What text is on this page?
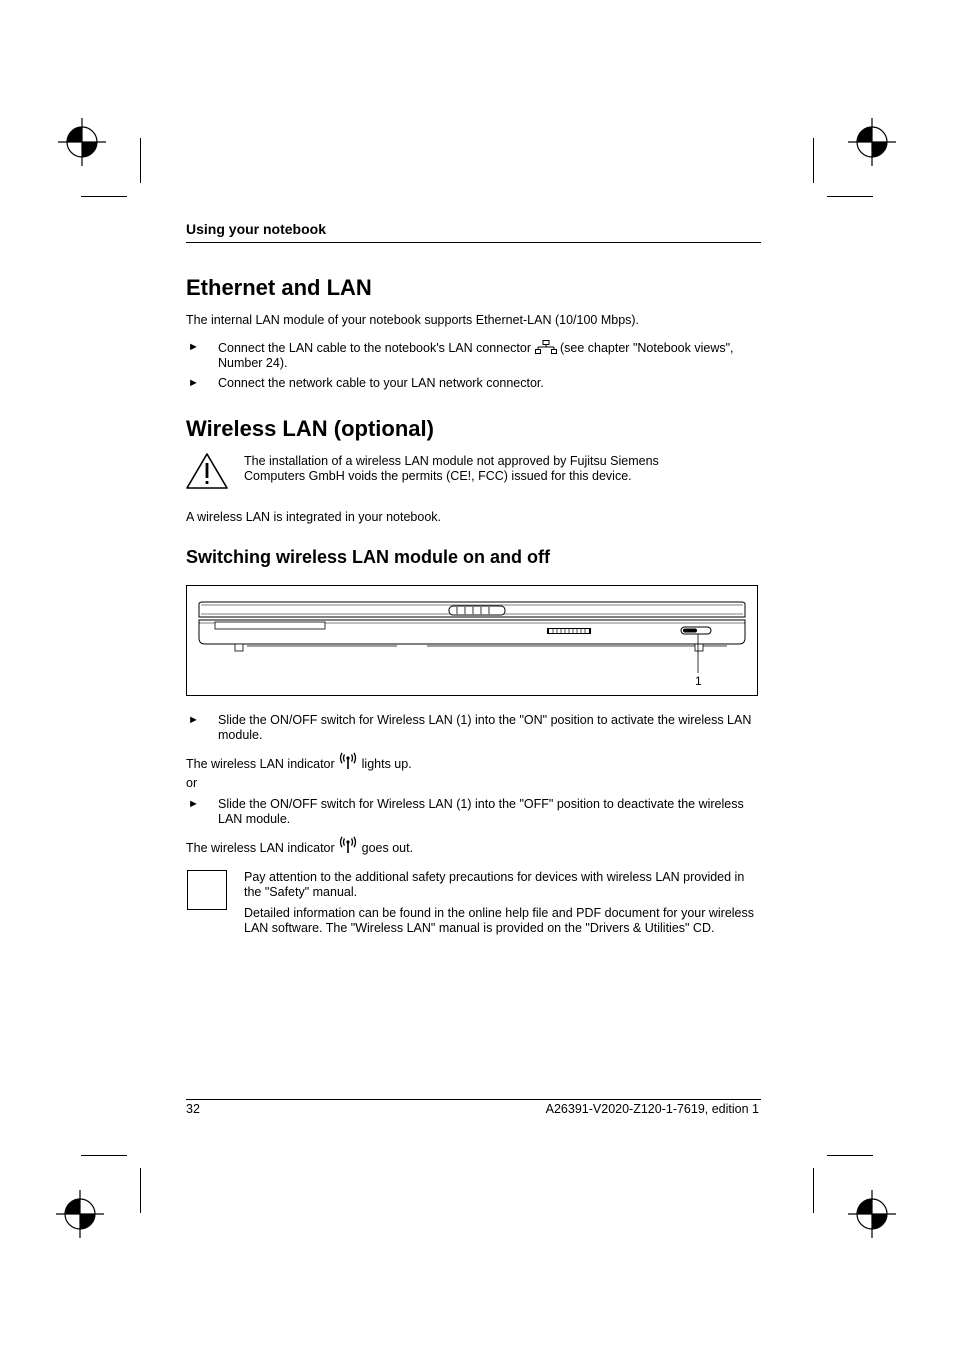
Using your notebook
Ethernet and LAN
The internal LAN module of your notebook supports Ethernet-LAN (10/100 Mbps).
► Connect the LAN cable to the notebook's LAN connector (see chapter "Notebook views", Number 24).
► Connect the network cable to your LAN network connector.
Wireless LAN (optional)
The installation of a wireless LAN module not approved by Fujitsu Siemens Computers GmbH voids the permits (CE!, FCC) issued for this device.
A wireless LAN is integrated in your notebook.
Switching wireless LAN module on and off
1
► Slide the ON/OFF switch for Wireless LAN (1) into the "ON" position to activate the wireless LAN module.
The wireless LAN indicator lights up.
or
► Slide the ON/OFF switch for Wireless LAN (1) into the "OFF" position to deactivate the wireless LAN module.
The wireless LAN indicator goes out.
Pay attention to the additional safety precautions for devices with wireless LAN provided in the "Safety" manual.
Detailed information can be found in the online help file and PDF document for your wireless LAN software. The "Wireless LAN" manual is provided on the "Drivers & Utilities" CD.
32	A26391-V2020-Z120-1-7619, edition 1
